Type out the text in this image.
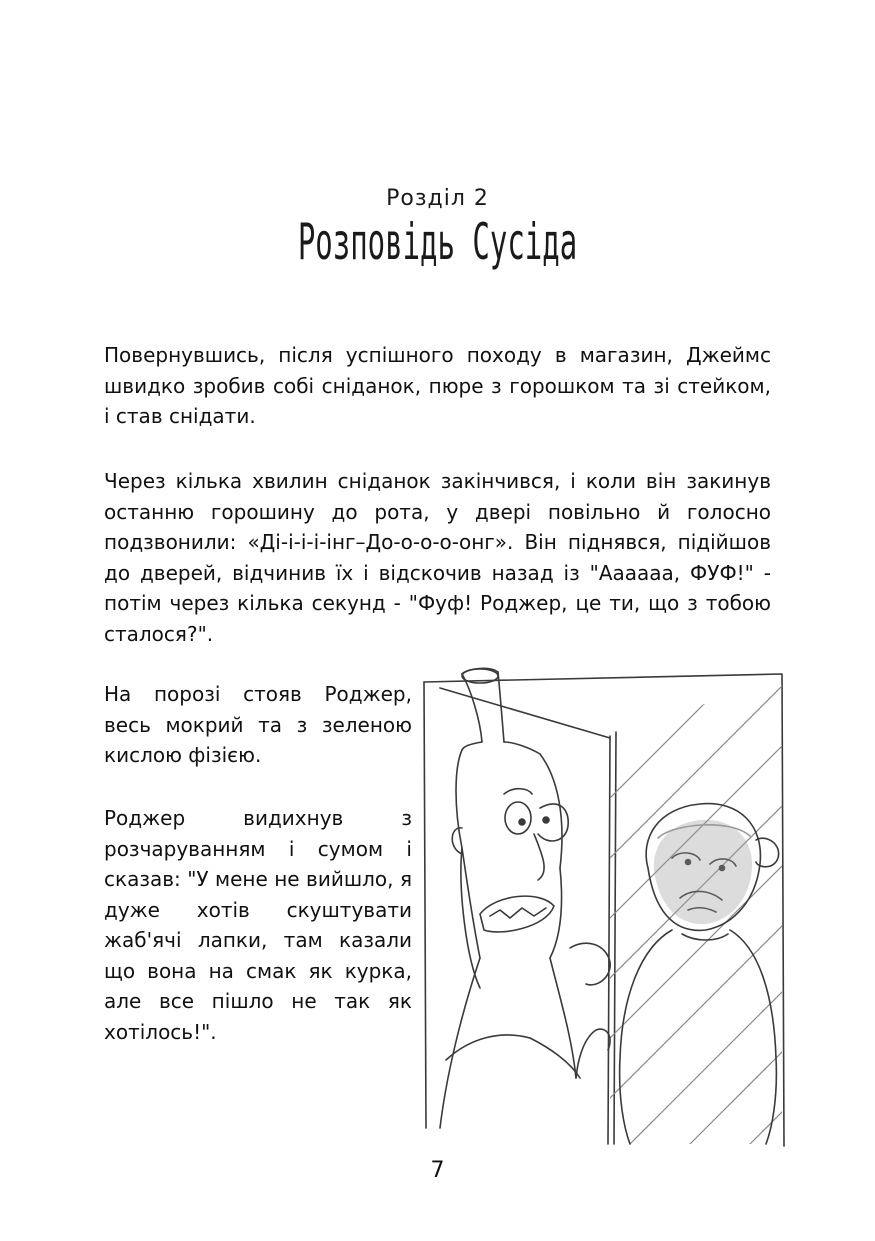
Розділ 2
Розповідь Сусіда

Повернувшись, після успішного походу в магазин, Джеймс швидко зробив собі сніданок, пюре з горошком та зі стейком, і став снідати.

Через кілька хвилин сніданок закінчився, і коли він закинув останню горошину до рота, у двері повільно й голосно подзвонили: «Ді-і-і-і-інг–До-о-о-о-онг». Він піднявся, підійшов до дверей, відчинив їх і відскочив назад із "Аааааа, ФУФ!" - потім через кілька секунд - "Фуф! Роджер, це ти, що з тобою сталося?".

На порозі стояв Роджер, весь мокрий та з зеленою кислою фізією.

Роджер видихнув з розчаруванням і сумом і сказав: "У мене не вийшло, я дуже хотів скуштувати жаб'ячі лапки, там казали що вона на смак як курка, але все пішло не так як хотілось!".

7
